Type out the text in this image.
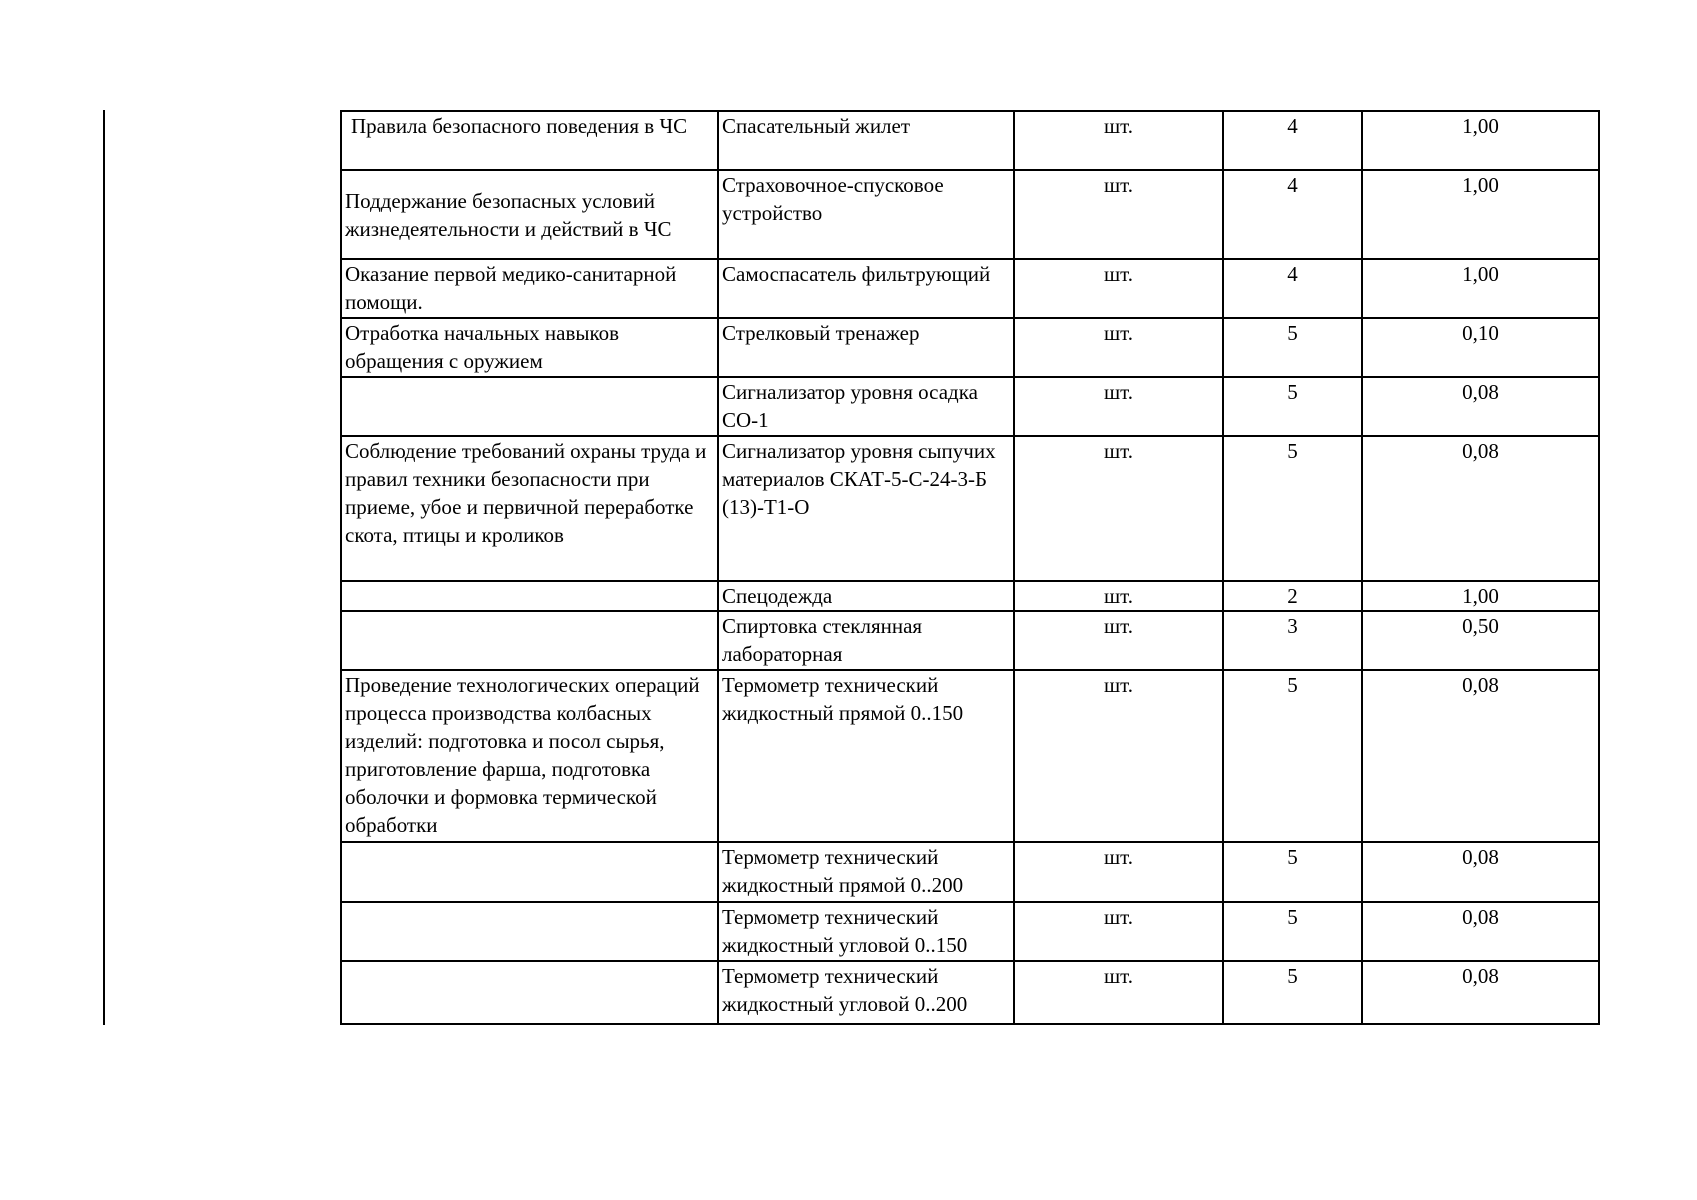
Правила безопасного поведения в ЧС	Спасательный жилет	шт.	4	1,00

Поддержание безопасных условий жизнедеятельности и действий в ЧС	Страховочное-спусковое устройство	шт.	4	1,00
Оказание первой медико-санитарной помощи.	Самоспасатель фильтрующий	шт.	4	1,00
Отработка начальных навыков обращения с оружием	Стрелковый тренажер	шт.	5	0,10
	Сигнализатор уровня осадка СО-1	шт.	5	0,08
Соблюдение требований охраны труда и правил техники безопасности при приеме, убое и первичной переработке скота, птицы и кроликов	Сигнализатор уровня сыпучих материалов СКАТ-5-С-24-3-Б (13)-Т1-О	шт.	5	0,08
	Спецодежда	шт.	2	1,00
	Спиртовка стеклянная лабораторная	шт.	3	0,50
Проведение технологических операций процесса производства колбасных изделий: подготовка и посол сырья, приготовление фарша, подготовка оболочки и формовка термической обработки	Термометр технический жидкостный прямой 0..150	шт.	5	0,08
	Термометр технический жидкостный прямой 0..200	шт.	5	0,08
	Термометр технический жидкостный угловой 0..150	шт.	5	0,08
	Термометр технический жидкостный угловой 0..200	шт.	5	0,08
